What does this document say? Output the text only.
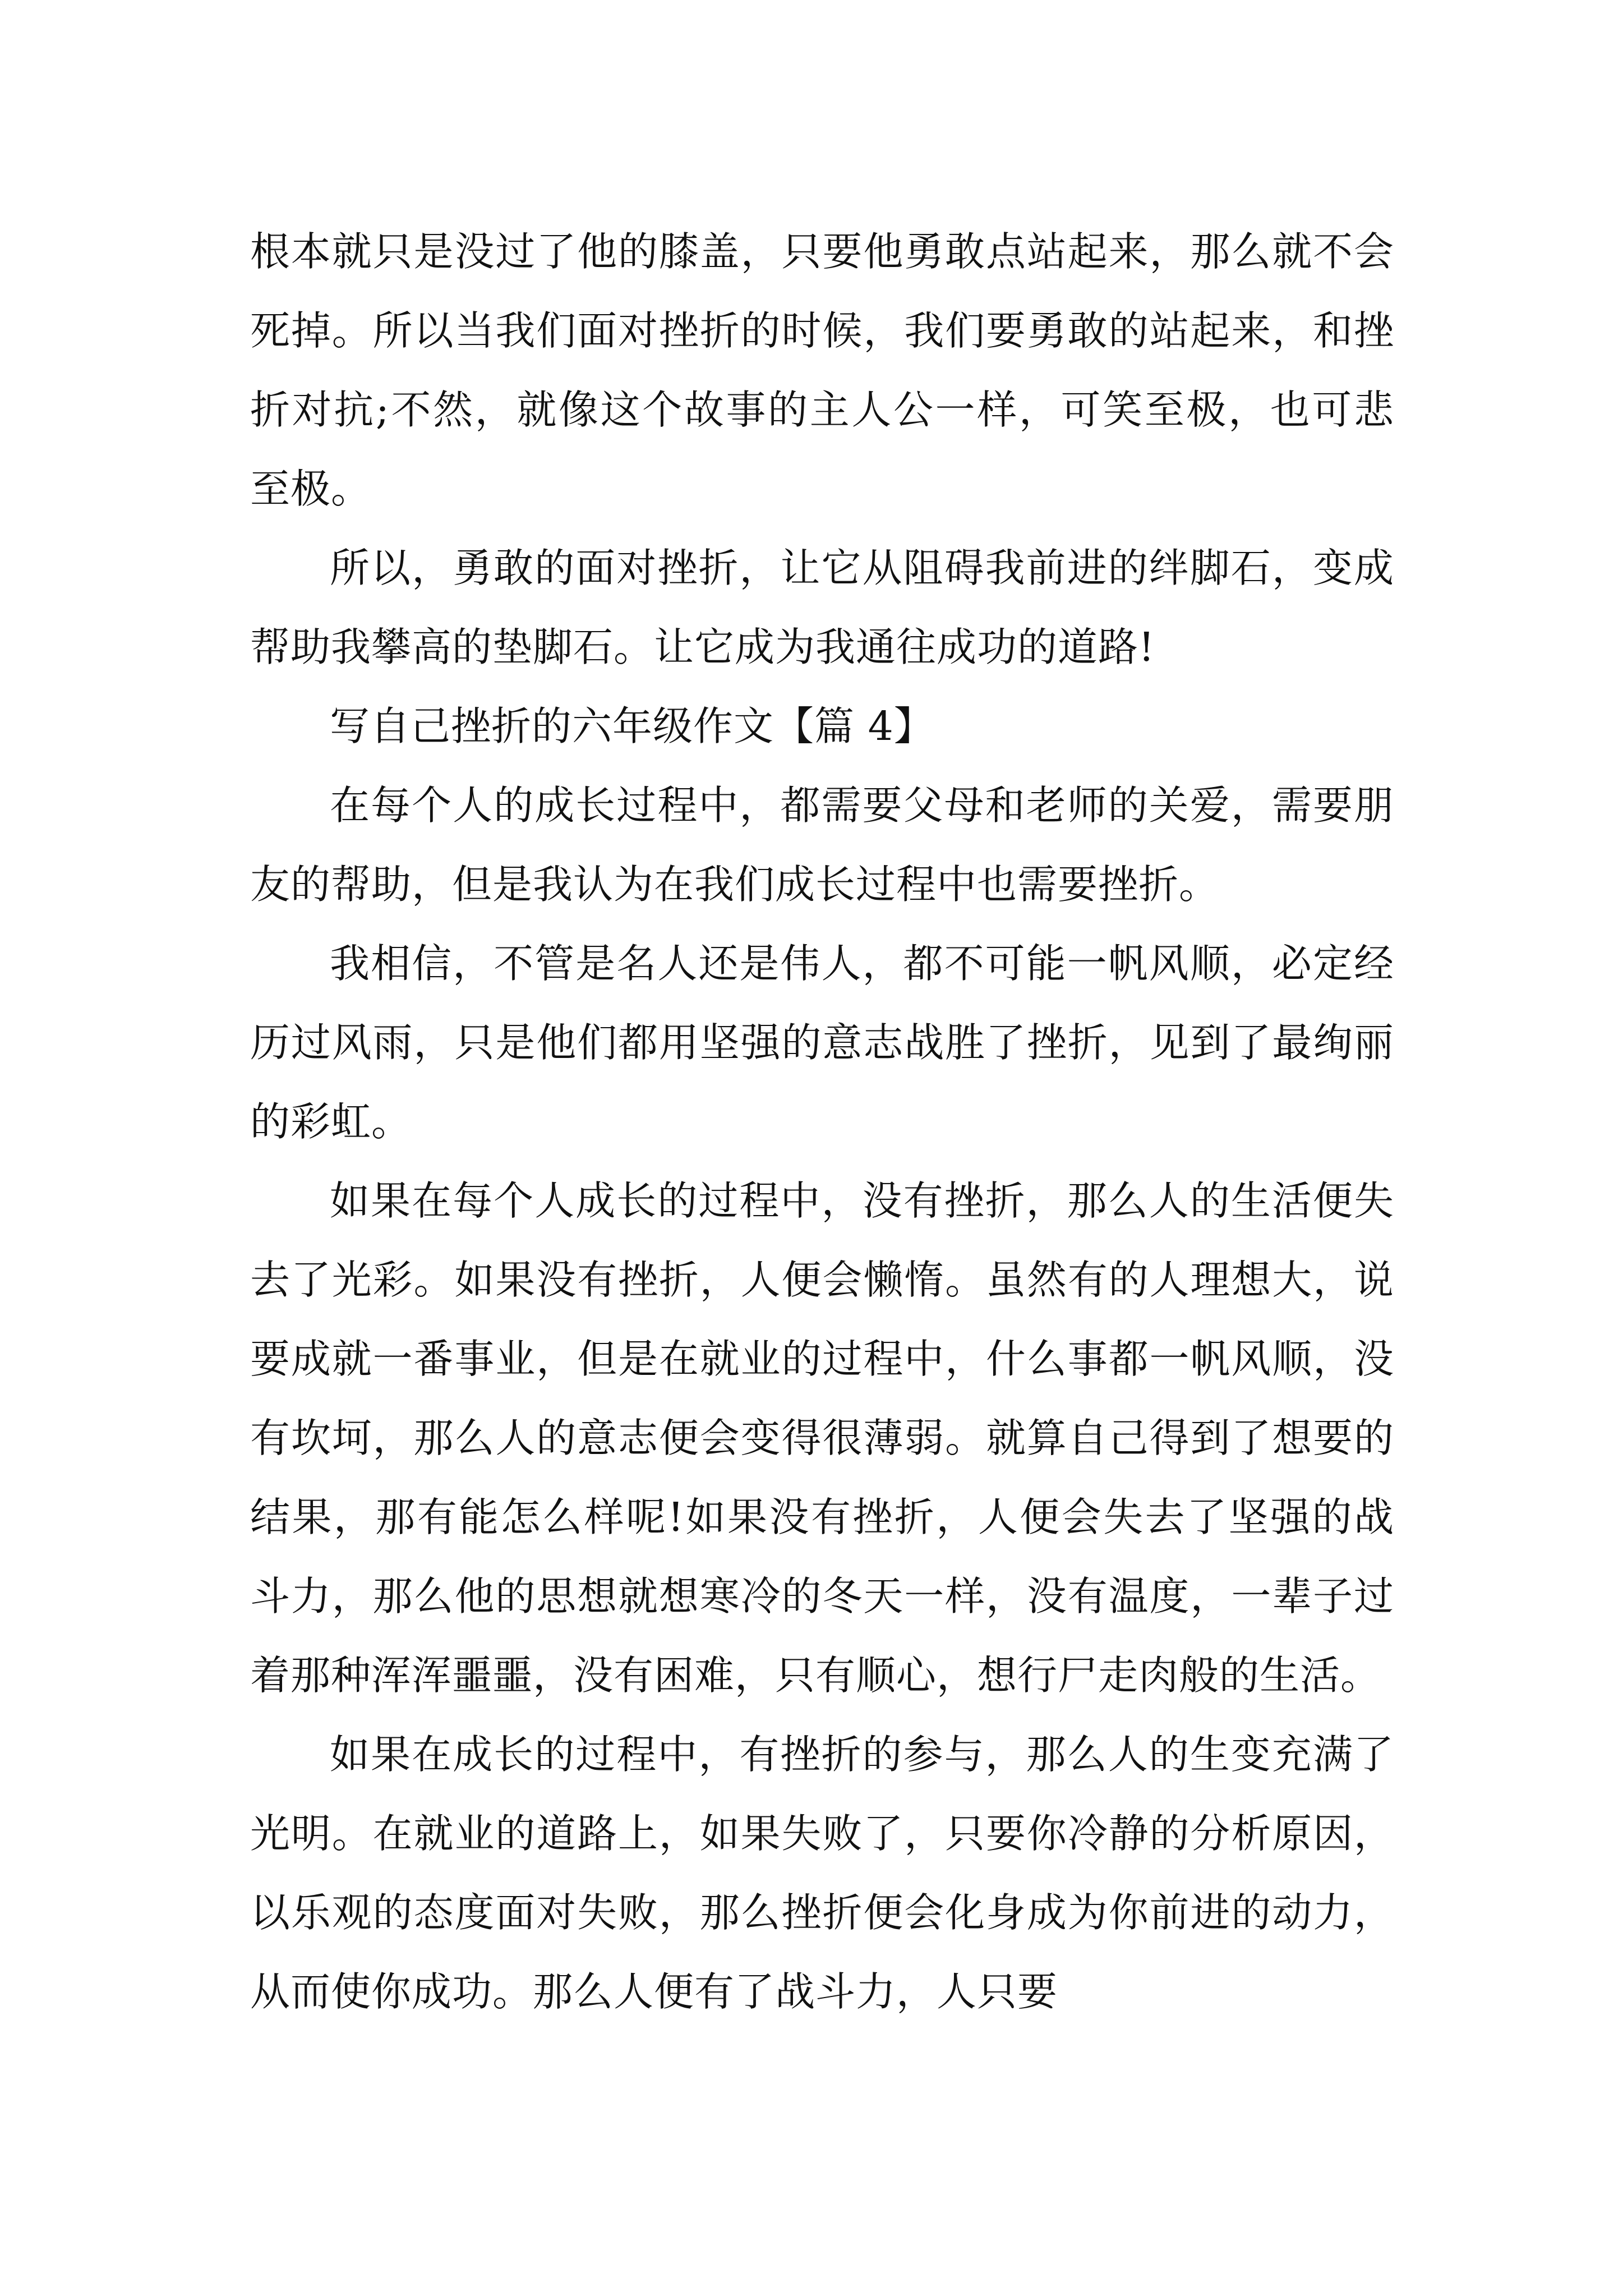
根本就只是没过了他的膝盖，只要他勇敢点站起来，那么就不会死掉。所以当我们面对挫折的时候，我们要勇敢的站起来，和挫折对抗;不然，就像这个故事的主人公一样，可笑至极，也可悲至极。

所以，勇敢的面对挫折，让它从阻碍我前进的绊脚石，变成帮助我攀高的垫脚石。让它成为我通往成功的道路!

写自己挫折的六年级作文【篇 4】

在每个人的成长过程中，都需要父母和老师的关爱，需要朋友的帮助，但是我认为在我们成长过程中也需要挫折。

我相信，不管是名人还是伟人，都不可能一帆风顺，必定经历过风雨，只是他们都用坚强的意志战胜了挫折，见到了最绚丽的彩虹。

如果在每个人成长的过程中，没有挫折，那么人的生活便失去了光彩。如果没有挫折，人便会懒惰。虽然有的人理想大，说要成就一番事业，但是在就业的过程中，什么事都一帆风顺，没有坎坷，那么人的意志便会变得很薄弱。就算自己得到了想要的结果，那有能怎么样呢!如果没有挫折，人便会失去了坚强的战斗力，那么他的思想就想寒冷的冬天一样，没有温度，一辈子过着那种浑浑噩噩，没有困难，只有顺心，想行尸走肉般的生活。

如果在成长的过程中，有挫折的参与，那么人的生变充满了光明。在就业的道路上，如果失败了，只要你冷静的分析原因，以乐观的态度面对失败，那么挫折便会化身成为你前进的动力，从而使你成功。那么人便有了战斗力，人只要
